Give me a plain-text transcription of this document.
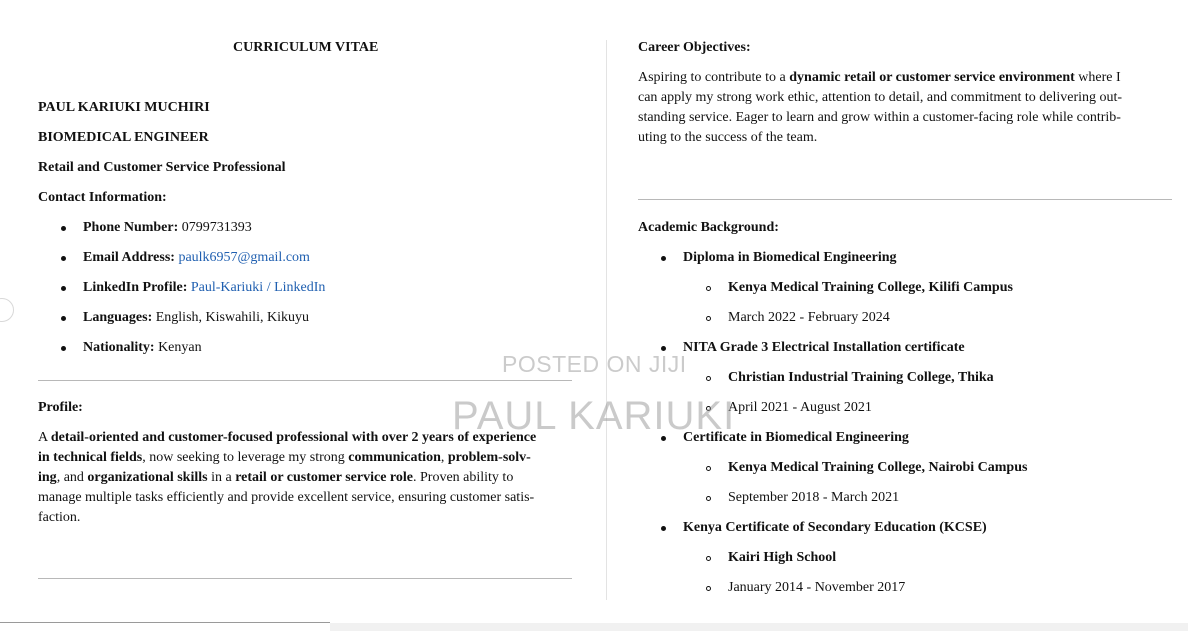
CURRICULUM VITAE
PAUL KARIUKI MUCHIRI
BIOMEDICAL ENGINEER
Retail and Customer Service Professional
Contact Information:
Phone Number: 0799731393
Email Address: paulk6957@gmail.com
LinkedIn Profile: Paul-Kariuki / LinkedIn
Languages: English, Kiswahili, Kikuyu
Nationality: Kenyan
Profile:
A detail-oriented and customer-focused professional with over 2 years of experience
in technical fields, now seeking to leverage my strong communication, problem-solv-
ing, and organizational skills in a retail or customer service role. Proven ability to
manage multiple tasks efficiently and provide excellent service, ensuring customer satis-
faction.
Career Objectives:
Aspiring to contribute to a dynamic retail or customer service environment where I
can apply my strong work ethic, attention to detail, and commitment to delivering out-
standing service. Eager to learn and grow within a customer-facing role while contrib-
uting to the success of the team.
Academic Background:
Diploma in Biomedical Engineering
Kenya Medical Training College, Kilifi Campus
March 2022 - February 2024
NITA Grade 3 Electrical Installation certificate
Christian Industrial Training College, Thika
April 2021 - August 2021
Certificate in Biomedical Engineering
Kenya Medical Training College, Nairobi Campus
September 2018 - March 2021
Kenya Certificate of Secondary Education (KCSE)
Kairi High School
January 2014 - November 2017
POSTED ON JIJI
PAUL KARIUKI
